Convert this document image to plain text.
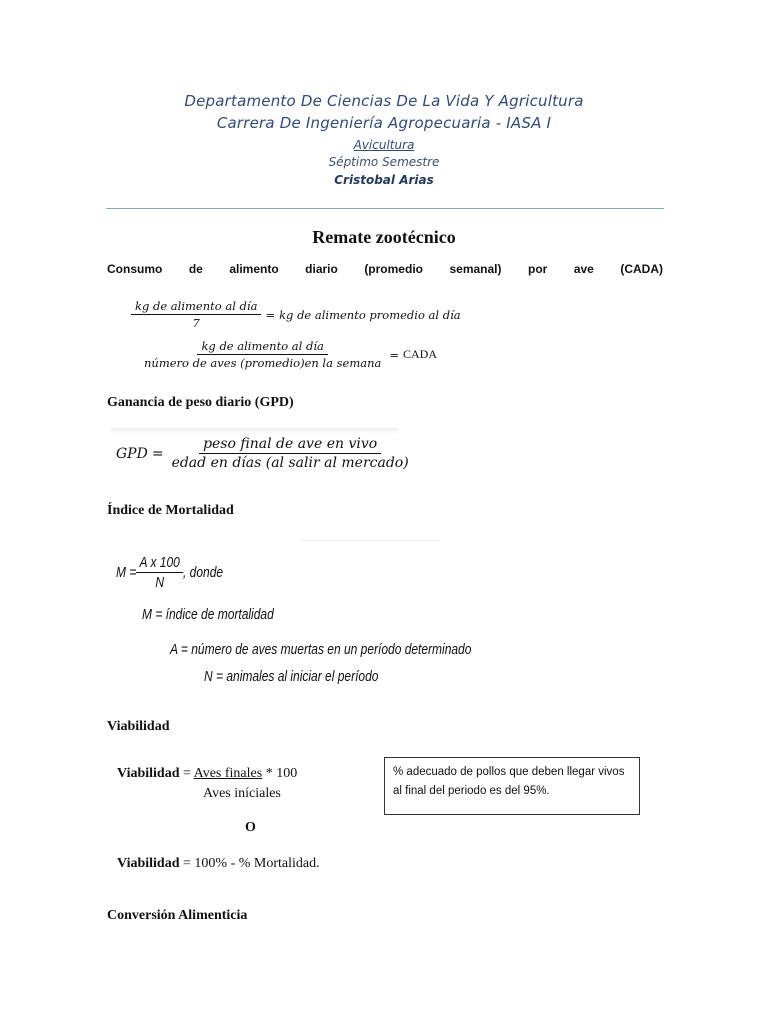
Departamento De Ciencias De La Vida Y Agricultura
Carrera De Ingeniería Agropecuaria - IASA I
Avicultura
Séptimo Semestre
Cristobal Arias
Remate zootécnico
Consumo de alimento diario (promedio semanal) por ave (CADA)
$\frac{\text{kg de alimento al día}}{7}$ = kg de alimento promedio al día
$\frac{\text{kg de alimento al día}}{\text{número de aves (promedio)en la semana}}$ = CADA
Ganancia de peso diario (GPD)
GPD = $\frac{\text{peso final de ave en vivo}}{\text{edad en días (al salir al mercado)}}$
Índice de Mortalidad
$M = \frac{\text{A x 100}}{N}$ , donde
M = índice de mortalidad
A = número de aves muertas en un período determinado
N = animales al iniciar el período
Viabilidad
Viabilidad = Aves finales * 100
Aves iníciales
O
Viabilidad = 100% - % Mortalidad.
% adecuado de pollos que deben llegar vivos al final del periodo es del 95%.
Conversión Alimenticia
